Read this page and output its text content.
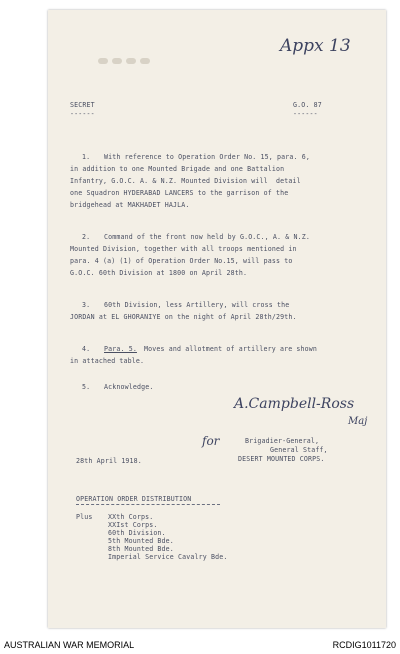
Appx 13
SECRET
------
G.O. 87
------
1. With reference to Operation Order No. 15, para. 6,
in addition to one Mounted Brigade and one Battalion
Infantry, G.O.C. A. & N.Z. Mounted Division will  detail
one Squadron HYDERABAD LANCERS to the garrison of the
bridgehead at MAKHADET HAJLA.
2. Command of the front now held by G.O.C., A. & N.Z.
Mounted Division, together with all troops mentioned in
para. 4 (a) (1) of Operation Order No.15, will pass to
G.O.C. 60th Division at 1800 on April 28th.
3. 60th Division, less Artillery, will cross the
JORDAN at EL GHORANIYE on the night of April 28th/29th.
4. Para. 5. Moves and allotment of artillery are shown
in attached table.
5. Acknowledge.
A.Campbell-Ross
Maj
for	Brigadier-General,
General Staff,
DESERT MOUNTED CORPS.
28th April 1918.
OPERATION ORDER DISTRIBUTION
Plus XXth Corps.
XXIst Corps.
60th Division.
5th Mounted Bde.
8th Mounted Bde.
Imperial Service Cavalry Bde.
AUSTRALIAN WAR MEMORIAL	RCDIG1011720
